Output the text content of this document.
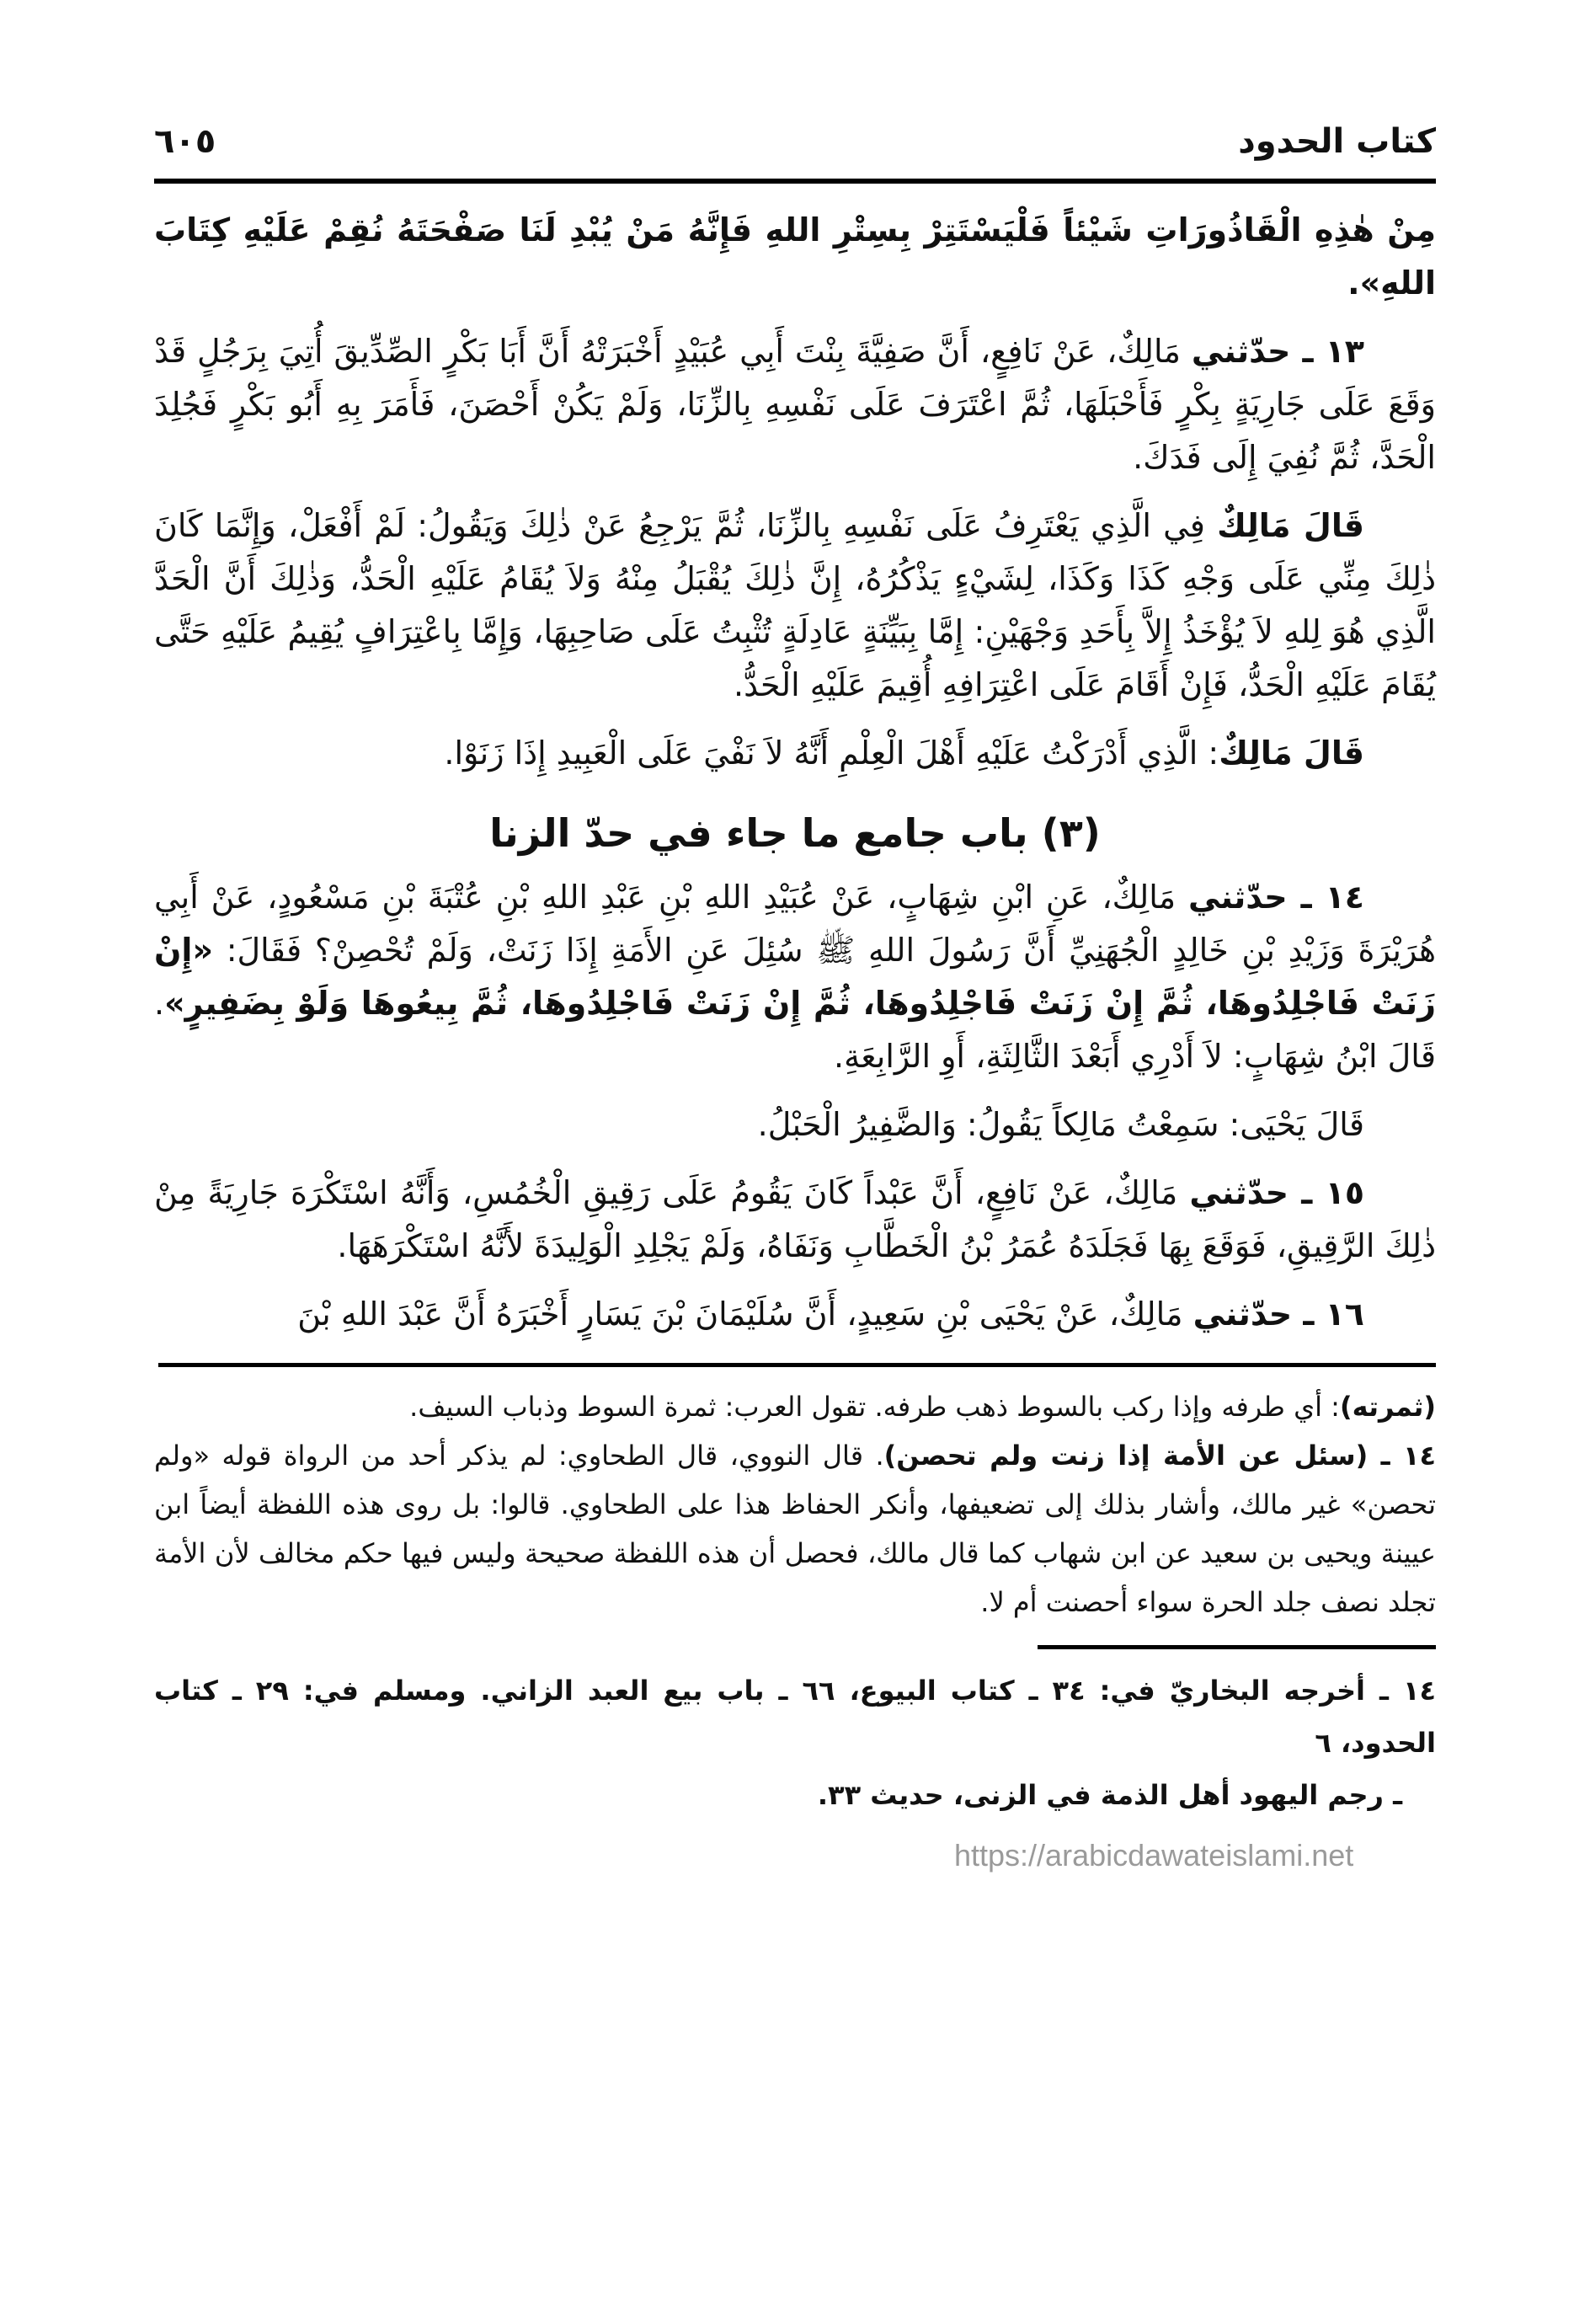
كتاب الحدود
٦٠٥

مِنْ هٰذِهِ الْقَاذُورَاتِ شَيْئاً فَلْيَسْتَتِرْ بِسِتْرِ اللهِ فَإِنَّهُ مَنْ يُبْدِ لَنَا صَفْحَتَهُ نُقِمْ عَلَيْهِ كِتَابَ اللهِ».

١٣ ـ حدّثني مَالِكٌ، عَنْ نَافِعٍ، أَنَّ صَفِيَّةَ بِنْتَ أَبِي عُبَيْدٍ أَخْبَرَتْهُ أَنَّ أَبَا بَكْرٍ الصِّدِّيقَ أُتِيَ بِرَجُلٍ قَدْ وَقَعَ عَلَى جَارِيَةٍ بِكْرٍ فَأَحْبَلَهَا، ثُمَّ اعْتَرَفَ عَلَى نَفْسِهِ بِالزِّنَا، وَلَمْ يَكُنْ أَحْصَنَ، فَأَمَرَ بِهِ أَبُو بَكْرٍ فَجُلِدَ الْحَدَّ، ثُمَّ نُفِيَ إِلَى فَدَكَ.

قَالَ مَالِكٌ فِي الَّذِي يَعْتَرِفُ عَلَى نَفْسِهِ بِالزِّنَا، ثُمَّ يَرْجِعُ عَنْ ذٰلِكَ وَيَقُولُ: لَمْ أَفْعَلْ، وَإِنَّمَا كَانَ ذٰلِكَ مِنِّي عَلَى وَجْهِ كَذَا وَكَذَا، لِشَيْءٍ يَذْكُرُهُ، إِنَّ ذٰلِكَ يُقْبَلُ مِنْهُ وَلاَ يُقَامُ عَلَيْهِ الْحَدُّ، وَذٰلِكَ أَنَّ الْحَدَّ الَّذِي هُوَ لِلهِ لاَ يُؤْخَذُ إِلاَّ بِأَحَدِ وَجْهَيْنِ: إِمَّا بِبَيِّنَةٍ عَادِلَةٍ تُثْبِتُ عَلَى صَاحِبِهَا، وَإِمَّا بِاعْتِرَافٍ يُقِيمُ عَلَيْهِ حَتَّى يُقَامَ عَلَيْهِ الْحَدُّ، فَإِنْ أَقَامَ عَلَى اعْتِرَافِهِ أُقِيمَ عَلَيْهِ الْحَدُّ.

قَالَ مَالِكٌ: الَّذِي أَدْرَكْتُ عَلَيْهِ أَهْلَ الْعِلْمِ أَنَّهُ لاَ نَفْيَ عَلَى الْعَبِيدِ إِذَا زَنَوْا.

(٣) باب جامع ما جاء في حدّ الزنا

١٤ ـ حدّثني مَالِكٌ، عَنِ ابْنِ شِهَابٍ، عَنْ عُبَيْدِ اللهِ بْنِ عَبْدِ اللهِ بْنِ عُتْبَةَ بْنِ مَسْعُودٍ، عَنْ أَبِي هُرَيْرَةَ وَزَيْدِ بْنِ خَالِدٍ الْجُهَنِيِّ أَنَّ رَسُولَ اللهِ ﷺ سُئِلَ عَنِ الأَمَةِ إِذَا زَنَتْ، وَلَمْ تُحْصِنْ؟ فَقَالَ: «إِنْ زَنَتْ فَاجْلِدُوهَا، ثُمَّ إِنْ زَنَتْ فَاجْلِدُوهَا، ثُمَّ إِنْ زَنَتْ فَاجْلِدُوهَا، ثُمَّ بِيعُوهَا وَلَوْ بِضَفِيرٍ». قَالَ ابْنُ شِهَابٍ: لاَ أَدْرِي أَبَعْدَ الثَّالِثَةِ، أَوِ الرَّابِعَةِ.

قَالَ يَحْيَى: سَمِعْتُ مَالِكاً يَقُولُ: وَالضَّفِيرُ الْحَبْلُ.

١٥ ـ حدّثني مَالِكٌ، عَنْ نَافِعٍ، أَنَّ عَبْداً كَانَ يَقُومُ عَلَى رَقِيقِ الْخُمُسِ، وَأَنَّهُ اسْتَكْرَهَ جَارِيَةً مِنْ ذٰلِكَ الرَّقِيقِ، فَوَقَعَ بِهَا فَجَلَدَهُ عُمَرُ بْنُ الْخَطَّابِ وَنَفَاهُ، وَلَمْ يَجْلِدِ الْوَلِيدَةَ لأَنَّهُ اسْتَكْرَهَهَا.

١٦ ـ حدّثني مَالِكٌ، عَنْ يَحْيَى بْنِ سَعِيدٍ، أَنَّ سُلَيْمَانَ بْنَ يَسَارٍ أَخْبَرَهُ أَنَّ عَبْدَ اللهِ بْنَ

(ثمرته): أي طرفه وإذا ركب بالسوط ذهب طرفه. تقول العرب: ثمرة السوط وذباب السيف.

١٤ ـ (سئل عن الأمة إذا زنت ولم تحصن). قال النووي، قال الطحاوي: لم يذكر أحد من الرواة قوله «ولم تحصن» غير مالك، وأشار بذلك إلى تضعيفها، وأنكر الحفاظ هذا على الطحاوي. قالوا: بل روى هذه اللفظة أيضاً ابن عيينة ويحيى بن سعيد عن ابن شهاب كما قال مالك، فحصل أن هذه اللفظة صحيحة وليس فيها حكم مخالف لأن الأمة تجلد نصف جلد الحرة سواء أحصنت أم لا.

١٤ ـ أخرجه البخاريّ في: ٣٤ ـ كتاب البيوع، ٦٦ ـ باب بيع العبد الزاني. ومسلم في: ٢٩ ـ كتاب الحدود، ٦

ـ رجم اليهود أهل الذمة في الزنى، حديث ٣٣.

https://arabicdawateislami.net
